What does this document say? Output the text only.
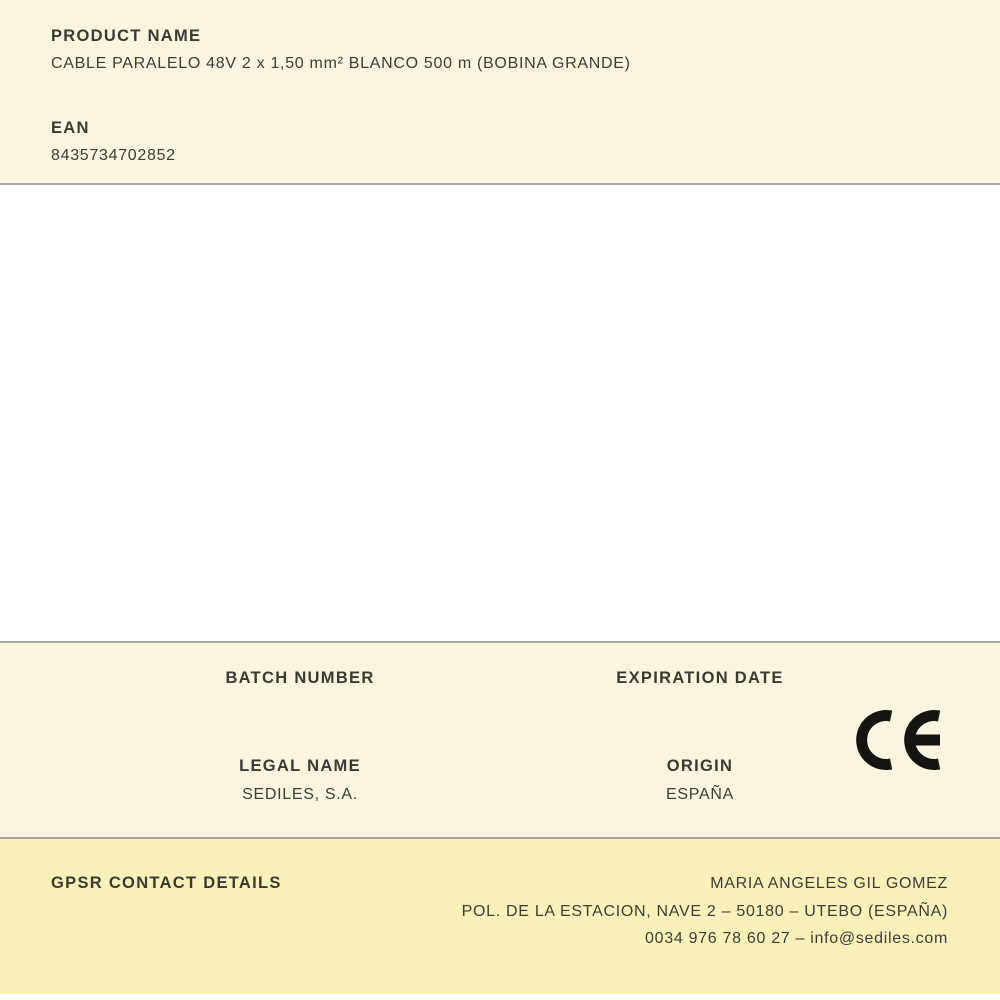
PRODUCT NAME
CABLE PARALELO 48V 2 x 1,50 mm² BLANCO 500 m (BOBINA GRANDE)
EAN
8435734702852
BATCH NUMBER	EXPIRATION DATE
LEGAL NAME
SEDILES, S.A.
ORIGIN
ESPAÑA
GPSR CONTACT DETAILS	MARIA ANGELES GIL GOMEZ
POL. DE LA ESTACION, NAVE 2 – 50180 – UTEBO (ESPAÑA)
0034 976 78 60 27 – info@sediles.com
